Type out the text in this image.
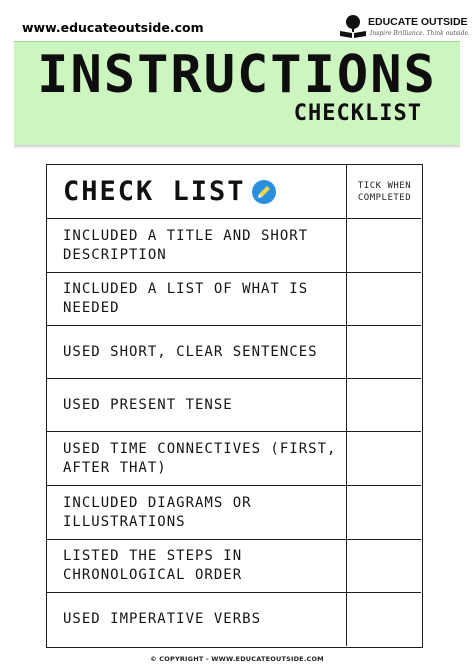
www.educateoutside.com	EDUCATE OUTSIDE
Inspire Brilliance. Think outside.
INSTRUCTIONS
CHECKLIST
CHECK LIST	TICK WHEN COMPLETED
INCLUDED A TITLE AND SHORT DESCRIPTION
INCLUDED A LIST OF WHAT IS NEEDED
USED SHORT, CLEAR SENTENCES
USED PRESENT TENSE
USED TIME CONNECTIVES (FIRST, AFTER THAT)
INCLUDED DIAGRAMS OR ILLUSTRATIONS
LISTED THE STEPS IN CHRONOLOGICAL ORDER
USED IMPERATIVE VERBS
© COPYRIGHT - WWW.EDUCATEOUTSIDE.COM
